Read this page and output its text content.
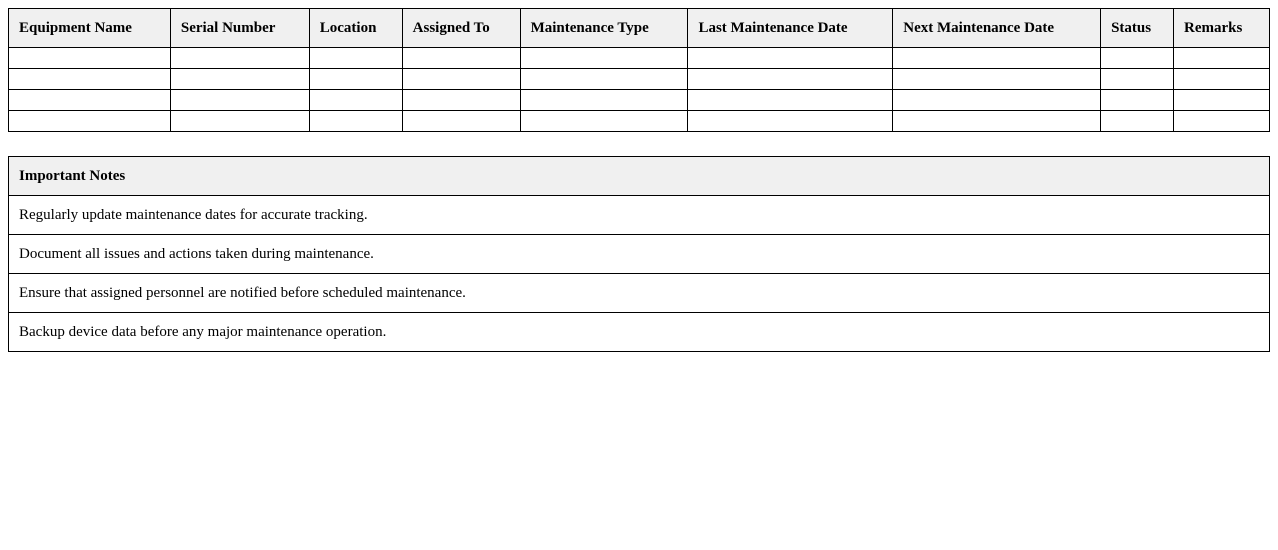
Equipment Name	Serial Number	Location	Assigned To	Maintenance Type	Last Maintenance Date	Next Maintenance Date	Status	Remarks

Important Notes
Regularly update maintenance dates for accurate tracking.
Document all issues and actions taken during maintenance.
Ensure that assigned personnel are notified before scheduled maintenance.
Backup device data before any major maintenance operation.
